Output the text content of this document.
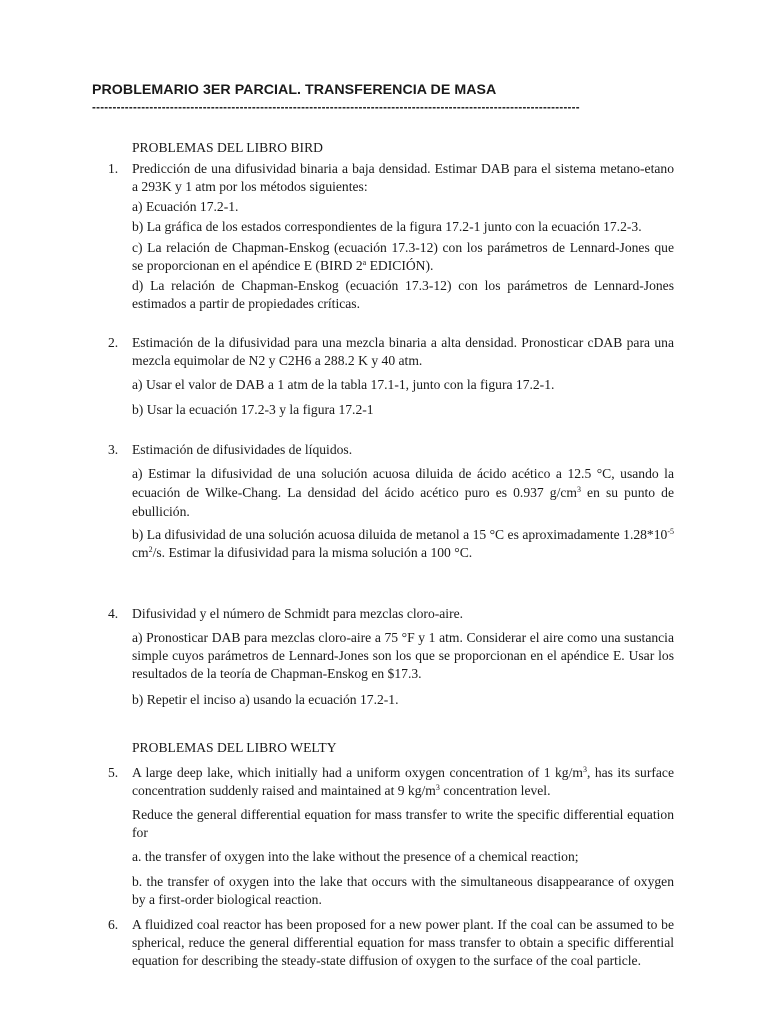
PROBLEMARIO 3ER PARCIAL. TRANSFERENCIA DE MASA
-----------------------------------------------------------------------------------------------------------------------
PROBLEMAS DEL LIBRO BIRD
1.	Predicción de una difusividad binaria a baja densidad. Estimar DAB para el sistema metano-etano a 293K y 1 atm por los métodos siguientes:
a) Ecuación 17.2-1.
b) La gráfica de los estados correspondientes de la figura 17.2-1 junto con la ecuación 17.2-3.
c) La relación de Chapman-Enskog (ecuación 17.3-12) con los parámetros de Lennard-Jones que se proporcionan en el apéndice E (BIRD 2$^a$ EDICIÓN).
d) La relación de Chapman-Enskog (ecuación 17.3-12) con los parámetros de Lennard-Jones estimados a partir de propiedades críticas.
2.	Estimación de la difusividad para una mezcla binaria a alta densidad. Pronosticar cDAB para una mezcla equimolar de N2 y C2H6 a 288.2 K y 40 atm.
a) Usar el valor de DAB a 1 atm de la tabla 17.1-1, junto con la figura 17.2-1.
b) Usar la ecuación 17.2-3 y la figura 17.2-1
3.	Estimación de difusividades de líquidos.
a) Estimar la difusividad de una solución acuosa diluida de ácido acético a 12.5 °C, usando la ecuación de Wilke-Chang. La densidad del ácido acético puro es 0.937 $g/cm^3$ en su punto de ebullición.
b) La difusividad de una solución acuosa diluida de metanol a 15 °C es aproximadamente $1.28*10^{-5}$ $cm^2/s$. Estimar la difusividad para la misma solución a 100 °C.
4.	Difusividad y el número de Schmidt para mezclas cloro-aire.
a) Pronosticar DAB para mezclas cloro-aire a 75 °F y 1 atm. Considerar el aire como una sustancia simple cuyos parámetros de Lennard-Jones son los que se proporcionan en el apéndice E. Usar los resultados de la teoría de Chapman-Enskog en $17.3.
b) Repetir el inciso a) usando la ecuación 17.2-1.
PROBLEMAS DEL LIBRO WELTY
5.	A large deep lake, which initially had a uniform oxygen concentration of 1 $kg/m^3$, has its surface concentration suddenly raised and maintained at 9 $kg/m^3$ concentration level.
Reduce the general differential equation for mass transfer to write the specific differential equation for
a. the transfer of oxygen into the lake without the presence of a chemical reaction;
b. the transfer of oxygen into the lake that occurs with the simultaneous disappearance of oxygen by a first-order biological reaction.
6.	A fluidized coal reactor has been proposed for a new power plant. If the coal can be assumed to be spherical, reduce the general differential equation for mass transfer to obtain a specific differential equation for describing the steady-state diffusion of oxygen to the surface of the coal particle.
